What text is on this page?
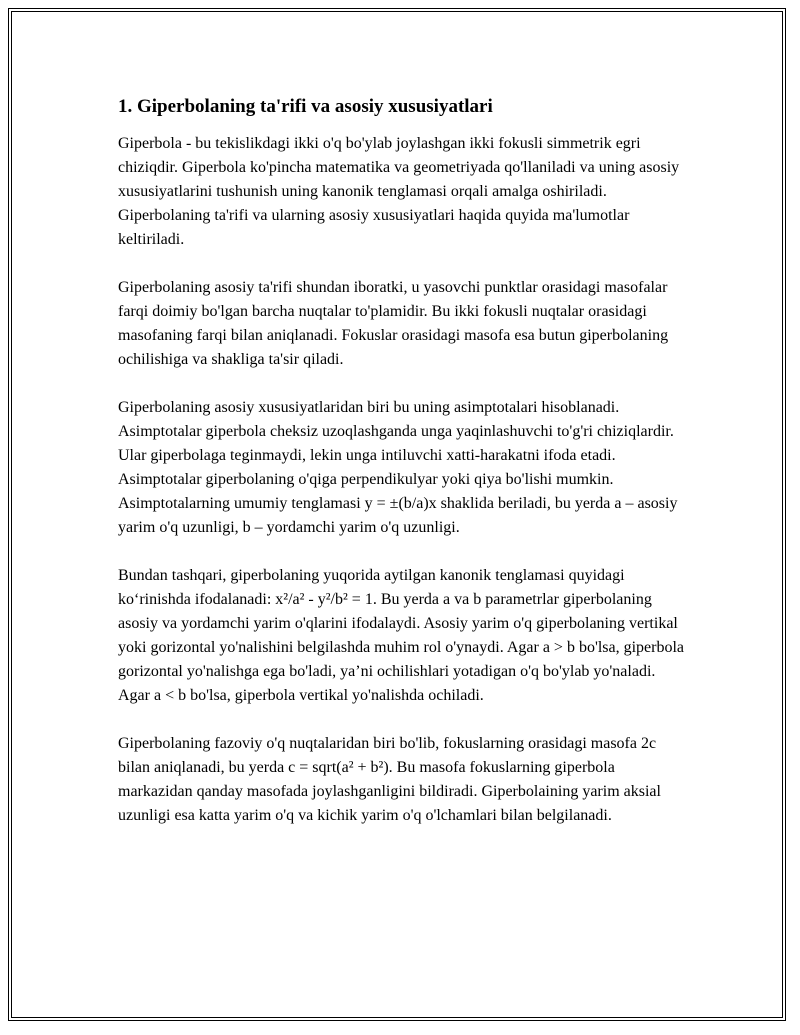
1. Giperbolaning ta'rifi va asosiy xususiyatlari

Giperbola - bu tekislikdagi ikki o'q bo'ylab joylashgan ikki fokusli simmetrik egri chiziqdir. Giperbola ko'pincha matematika va geometriyada qo'llaniladi va uning asosiy xususiyatlarini tushunish uning kanonik tenglamasi orqali amalga oshiriladi. Giperbolaning ta'rifi va ularning asosiy xususiyatlari haqida quyida ma'lumotlar keltiriladi.

Giperbolaning asosiy ta'rifi shundan iboratki, u yasovchi punktlar orasidagi masofalar farqi doimiy bo'lgan barcha nuqtalar to'plamidir. Bu ikki fokusli nuqtalar orasidagi masofaning farqi bilan aniqlanadi. Fokuslar orasidagi masofa esa butun giperbolaning ochilishiga va shakliga ta'sir qiladi.

Giperbolaning asosiy xususiyatlaridan biri bu uning asimptotalari hisoblanadi. Asimptotalar giperbola cheksiz uzoqlashganda unga yaqinlashuvchi to'g'ri chiziqlardir. Ular giperbolaga teginmaydi, lekin unga intiluvchi xatti-harakatni ifoda etadi. Asimptotalar giperbolaning o'qiga perpendikulyar yoki qiya bo'lishi mumkin. Asimptotalarning umumiy tenglamasi y = ±(b/a)x shaklida beriladi, bu yerda a – asosiy yarim o'q uzunligi, b – yordamchi yarim o'q uzunligi.

Bundan tashqari, giperbolaning yuqorida aytilgan kanonik tenglamasi quyidagi ko‘rinishda ifodalanadi: x²/a² - y²/b² = 1. Bu yerda a va b parametrlar giperbolaning asosiy va yordamchi yarim o'qlarini ifodalaydi. Asosiy yarim o'q giperbolaning vertikal yoki gorizontal yo'nalishini belgilashda muhim rol o'ynaydi. Agar a > b bo'lsa, giperbola gorizontal yo'nalishga ega bo'ladi, ya’ni ochilishlari yotadigan o'q bo'ylab yo'naladi. Agar a < b bo'lsa, giperbola vertikal yo'nalishda ochiladi.

Giperbolaning fazoviy o'q nuqtalaridan biri bo'lib, fokuslarning orasidagi masofa 2c bilan aniqlanadi, bu yerda c = sqrt(a² + b²). Bu masofa fokuslarning giperbola markazidan qanday masofada joylashganligini bildiradi. Giperbolaining yarim aksial uzunligi esa katta yarim o'q va kichik yarim o'q o'lchamlari bilan belgilanadi.
